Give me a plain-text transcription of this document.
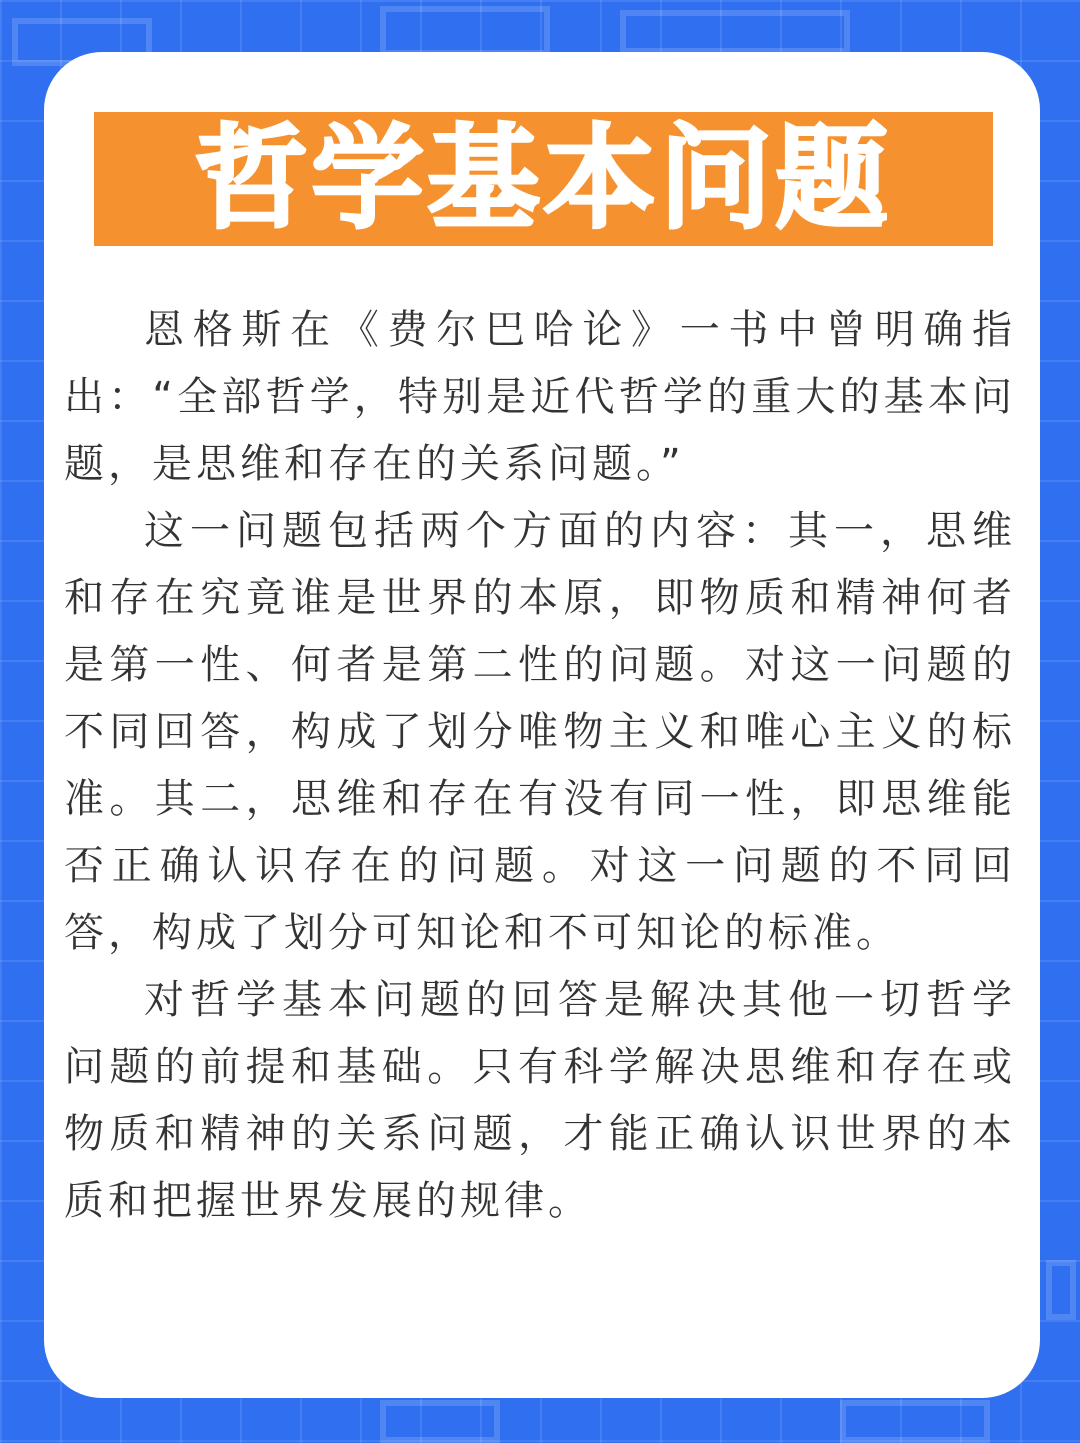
哲学基本问题

恩格斯在《费尔巴哈论》一书中曾明确指出：“全部哲学，特别是近代哲学的重大的基本问题，是思维和存在的关系问题。”

这一问题包括两个方面的内容：其一，思维和存在究竟谁是世界的本原，即物质和精神何者是第一性、何者是第二性的问题。对这一问题的不同回答，构成了划分唯物主义和唯心主义的标准。其二，思维和存在有没有同一性，即思维能否正确认识存在的问题。对这一问题的不同回答，构成了划分可知论和不可知论的标准。

对哲学基本问题的回答是解决其他一切哲学问题的前提和基础。只有科学解决思维和存在或物质和精神的关系问题，才能正确认识世界的本质和把握世界发展的规律。
